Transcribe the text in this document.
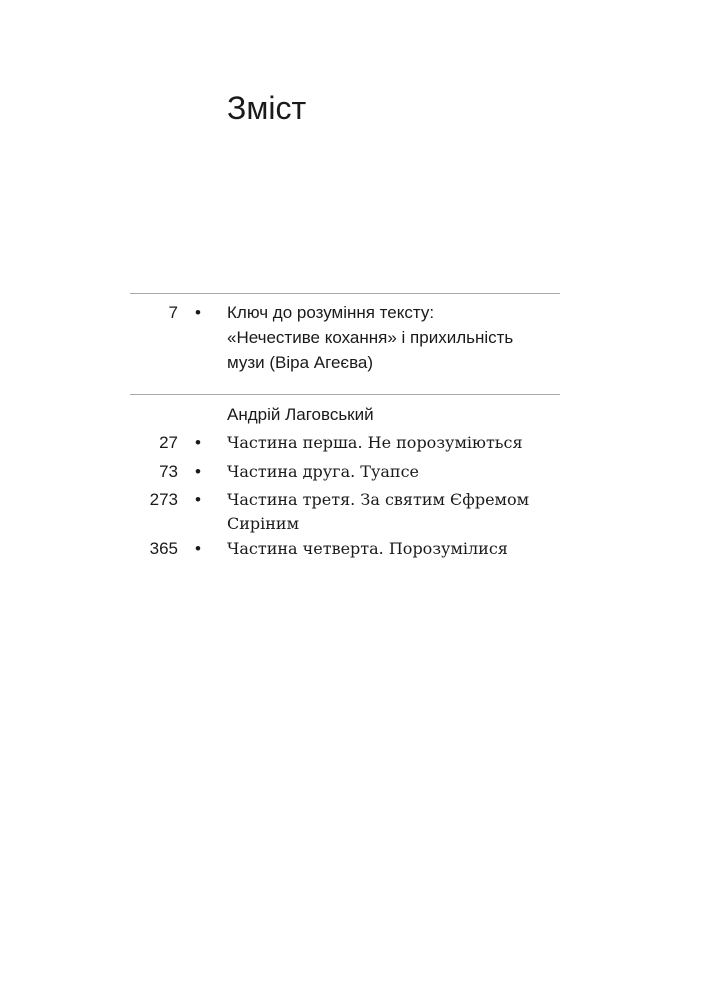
Зміст
7 • Ключ до розуміння тексту:
«Нечестиве кохання» і прихильність
музи (Віра Агеєва)
Андрій Лаговський
27 • Частина перша. Не порозуміються
73 • Частина друга. Туапсе
273 • Частина третя. За святим Єфремом
Сиріним
365 • Частина четверта. Порозумілися
